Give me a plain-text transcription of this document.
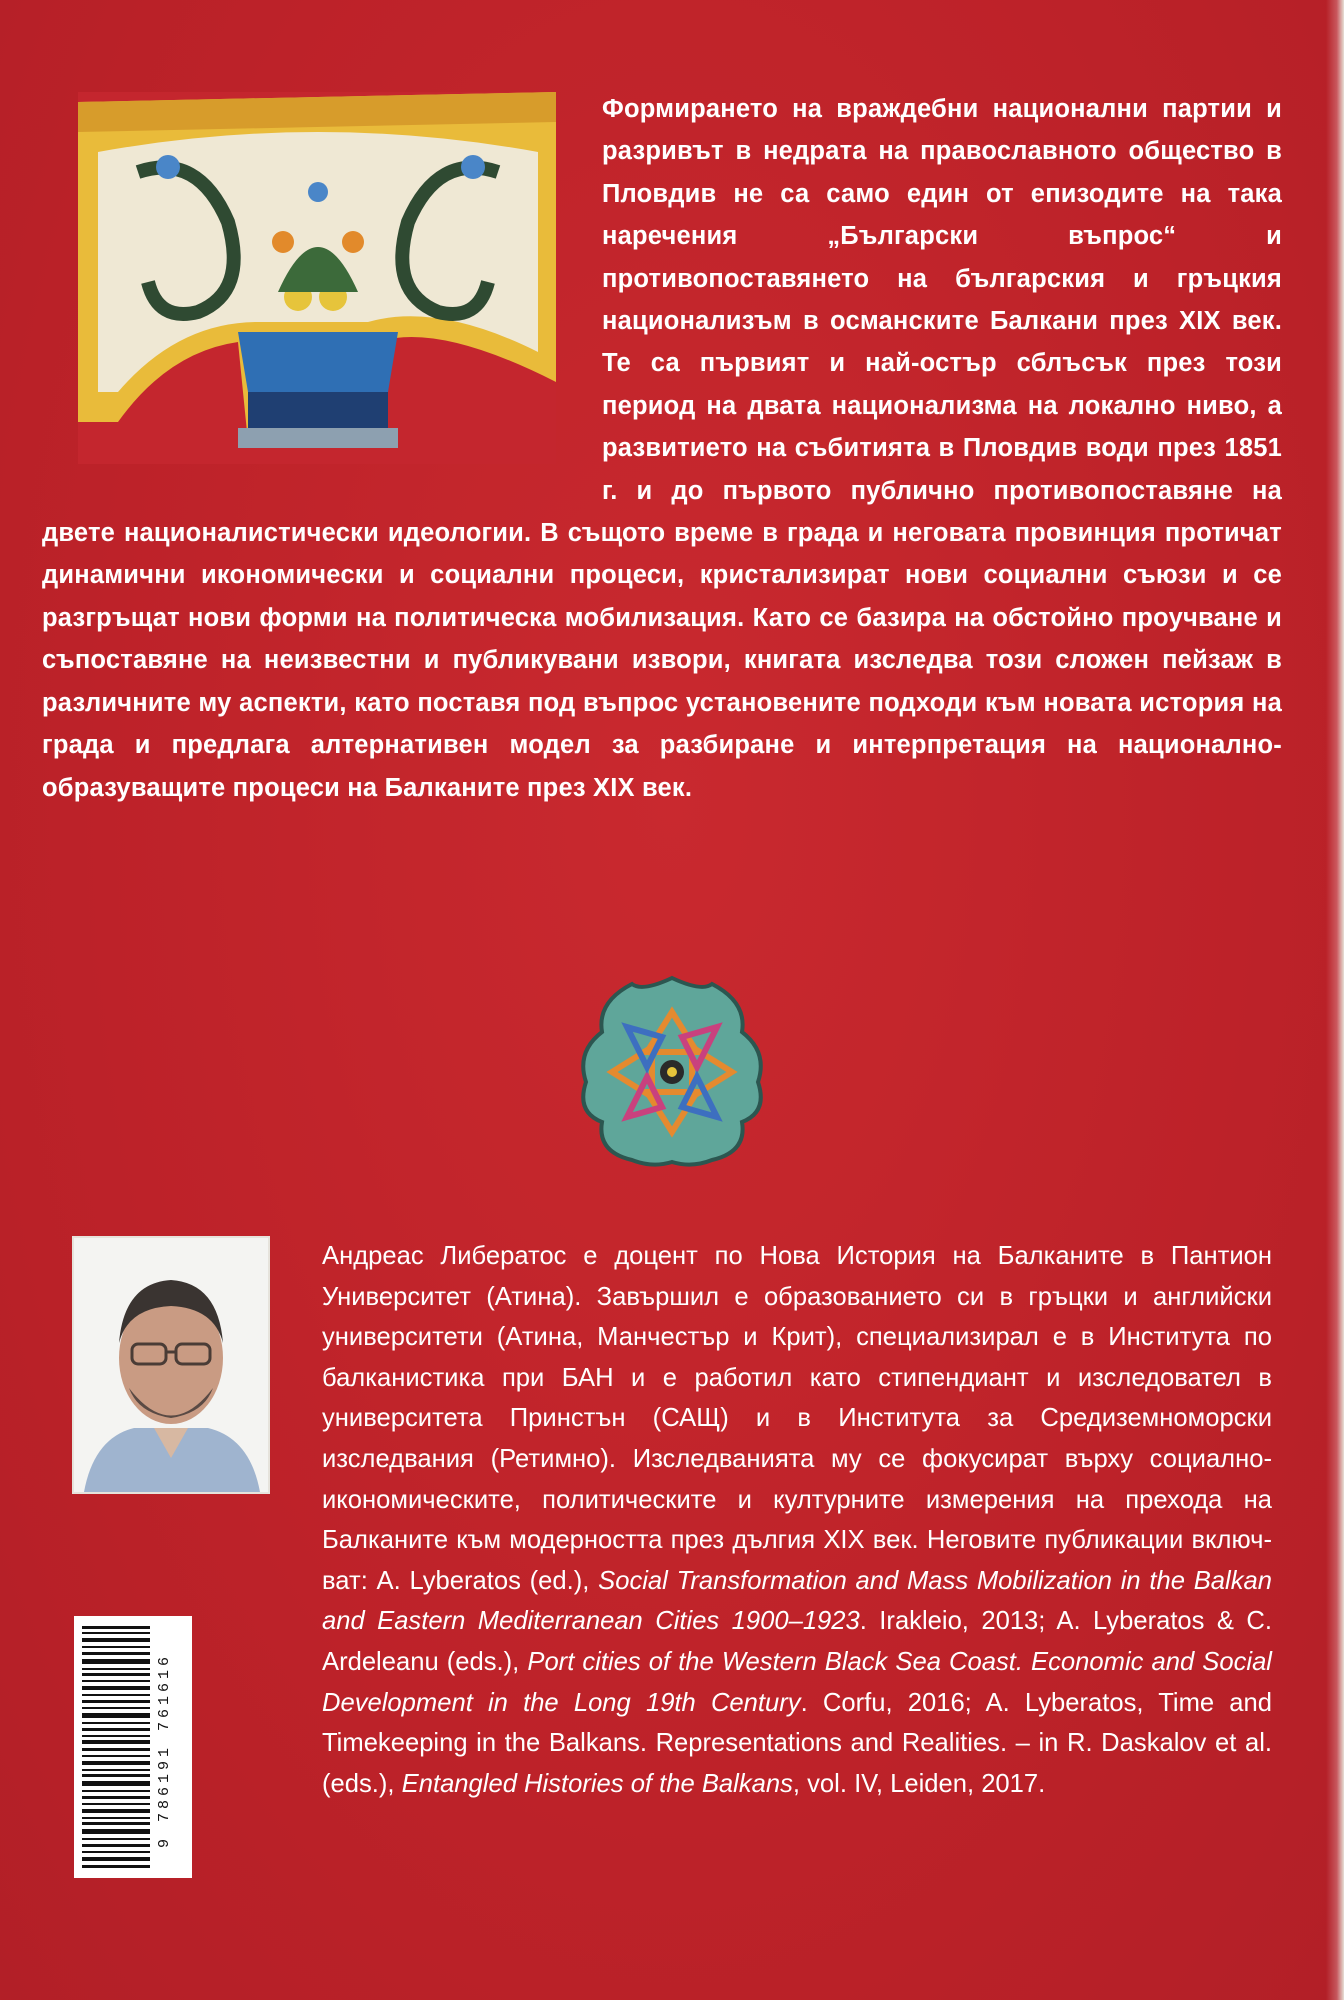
Формирането на враждебни национални партии и разривът в недрата на православното общество в Пловдив не са само един от епизодите на така наречения „Български въпрос“ и противопоставянето на българския и гръцкия национализъм в османските Балкани през XIX век. Те са първият и най-остър сблъсък през този период на двата национализма на локално ниво, а развитието на събитията в Пловдив води през 1851 г. и до първото публично противопоставяне на двете националистически идеологии. В същото време в града и неговата провинция протичат динамични икономически и социални процеси, кристализират нови социални съюзи и се разгръщат нови форми на политическа мобилизация. Като се базира на обстойно проучване и съпоставяне на неизвестни и публикувани извори, книгата изследва този сложен пейзаж в различните му аспекти, като поставя под въпрос установените подходи към новата история на града и предлага алтернативен модел за разбиране и интерпретация на национално-образуващите процеси на Балканите през XIX век.

Андреас Либератос е доцент по Нова История на Балканите в Пантион Университет (Атина). Завършил е образованието си в гръцки и английски университети (Атина, Манчестър и Крит), специализирал е в Института по балканистика при БАН и е работил като стипендиант и изследовател в университета Принстън (САЩ) и в Института за Средиземноморски изследвания (Ретимно). Изследванията му се фокусират върху социално-икономическите, политическите и културните измерения на прехода на Балканите към модерността през дългия XIX век. Неговите публикации включват: A. Lyberatos (ed.), Social Transformation and Mass Mobilization in the Balkan and Eastern Mediterranean Cities 1900–1923. Irakleio, 2013; A. Lyberatos & C. Ardeleanu (eds.), Port cities of the Western Black Sea Coast. Economic and Social Development in the Long 19th Century. Corfu, 2016; A. Lyberatos, Time and Timekeeping in the Balkans. Representations and Realities. – in R. Daskalov et al. (eds.), Entangled Histories of the Balkans, vol. IV, Leiden, 2017.

9 786191 761616
